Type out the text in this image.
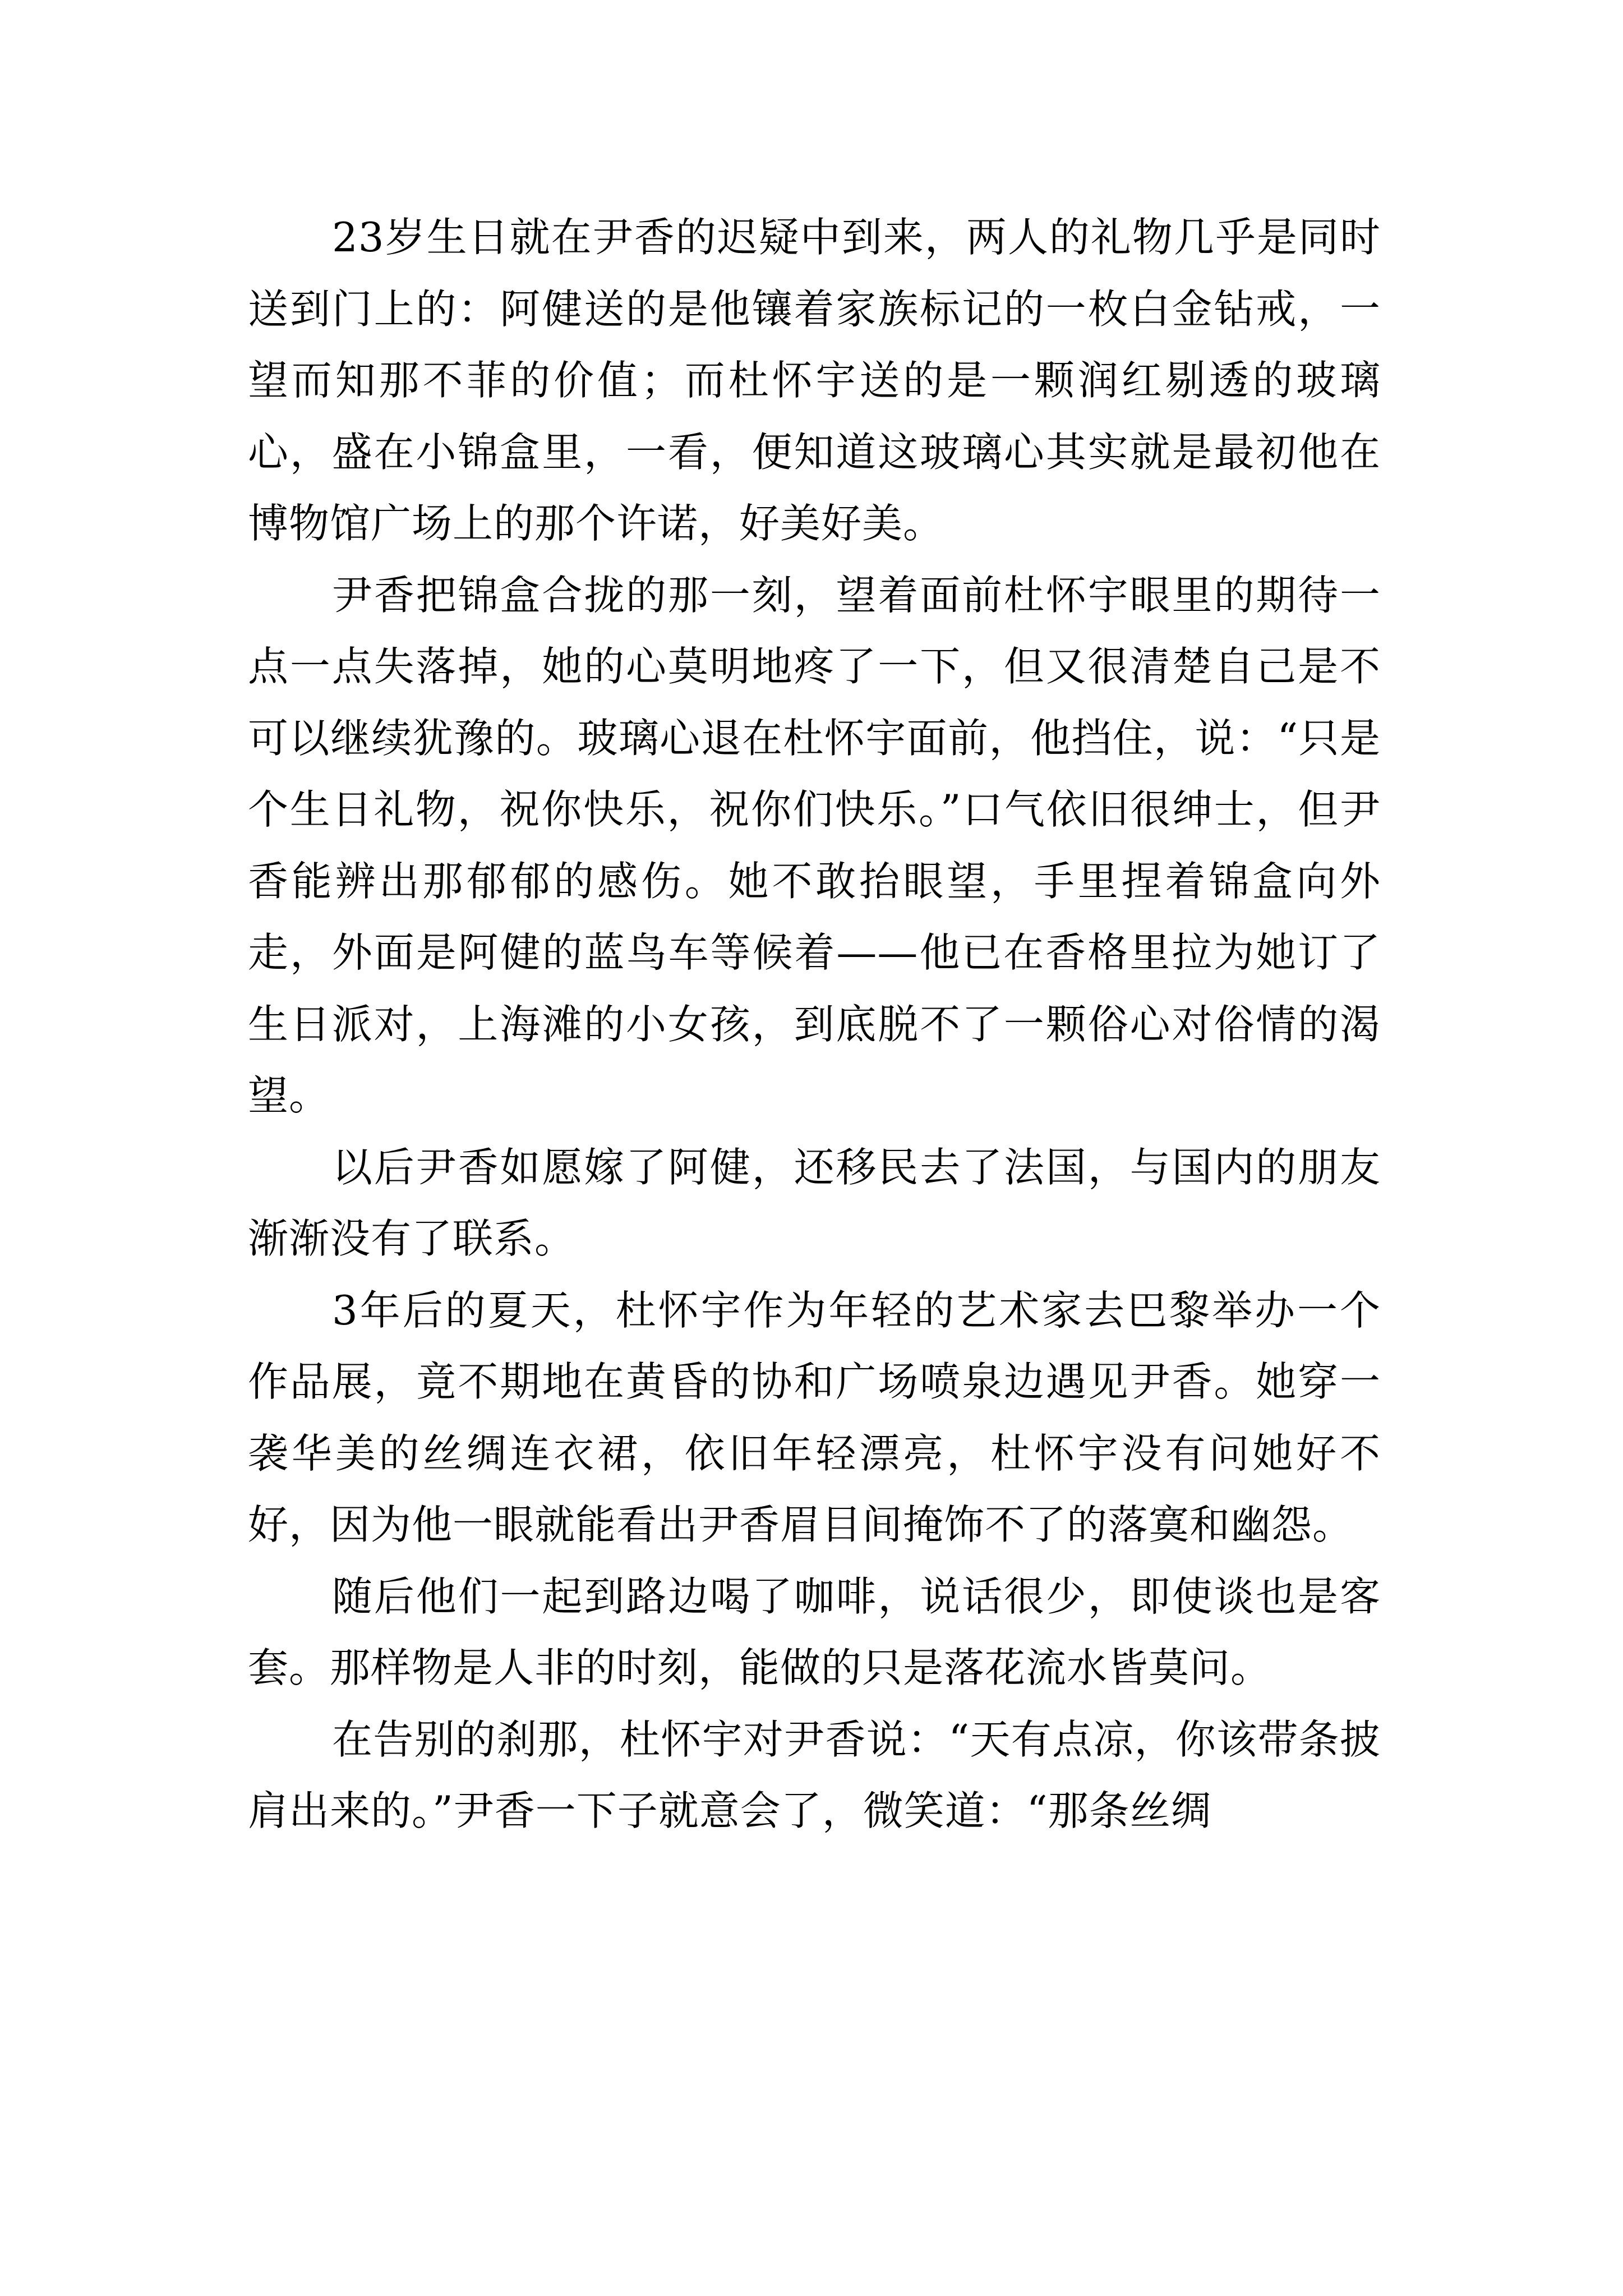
23岁生日就在尹香的迟疑中到来，两人的礼物几乎是同时送到门上的：阿健送的是他镶着家族标记的一枚白金钻戒，一望而知那不菲的价值；而杜怀宇送的是一颗润红剔透的玻璃心，盛在小锦盒里，一看，便知道这玻璃心其实就是最初他在博物馆广场上的那个许诺，好美好美。

尹香把锦盒合拢的那一刻，望着面前杜怀宇眼里的期待一点一点失落掉，她的心莫明地疼了一下，但又很清楚自己是不可以继续犹豫的。玻璃心退在杜怀宇面前，他挡住，说：“只是个生日礼物，祝你快乐，祝你们快乐。”口气依旧很绅士，但尹香能辨出那郁郁的感伤。她不敢抬眼望，手里捏着锦盒向外走，外面是阿健的蓝鸟车等候着——他已在香格里拉为她订了生日派对，上海滩的小女孩，到底脱不了一颗俗心对俗情的渴望。

以后尹香如愿嫁了阿健，还移民去了法国，与国内的朋友渐渐没有了联系。

3年后的夏天，杜怀宇作为年轻的艺术家去巴黎举办一个作品展，竟不期地在黄昏的协和广场喷泉边遇见尹香。她穿一袭华美的丝绸连衣裙，依旧年轻漂亮，杜怀宇没有问她好不好，因为他一眼就能看出尹香眉目间掩饰不了的落寞和幽怨。

随后他们一起到路边喝了咖啡，说话很少，即使谈也是客套。那样物是人非的时刻，能做的只是落花流水皆莫问。

在告别的刹那，杜怀宇对尹香说：“天有点凉，你该带条披肩出来的。”尹香一下子就意会了，微笑道：“那条丝绸
